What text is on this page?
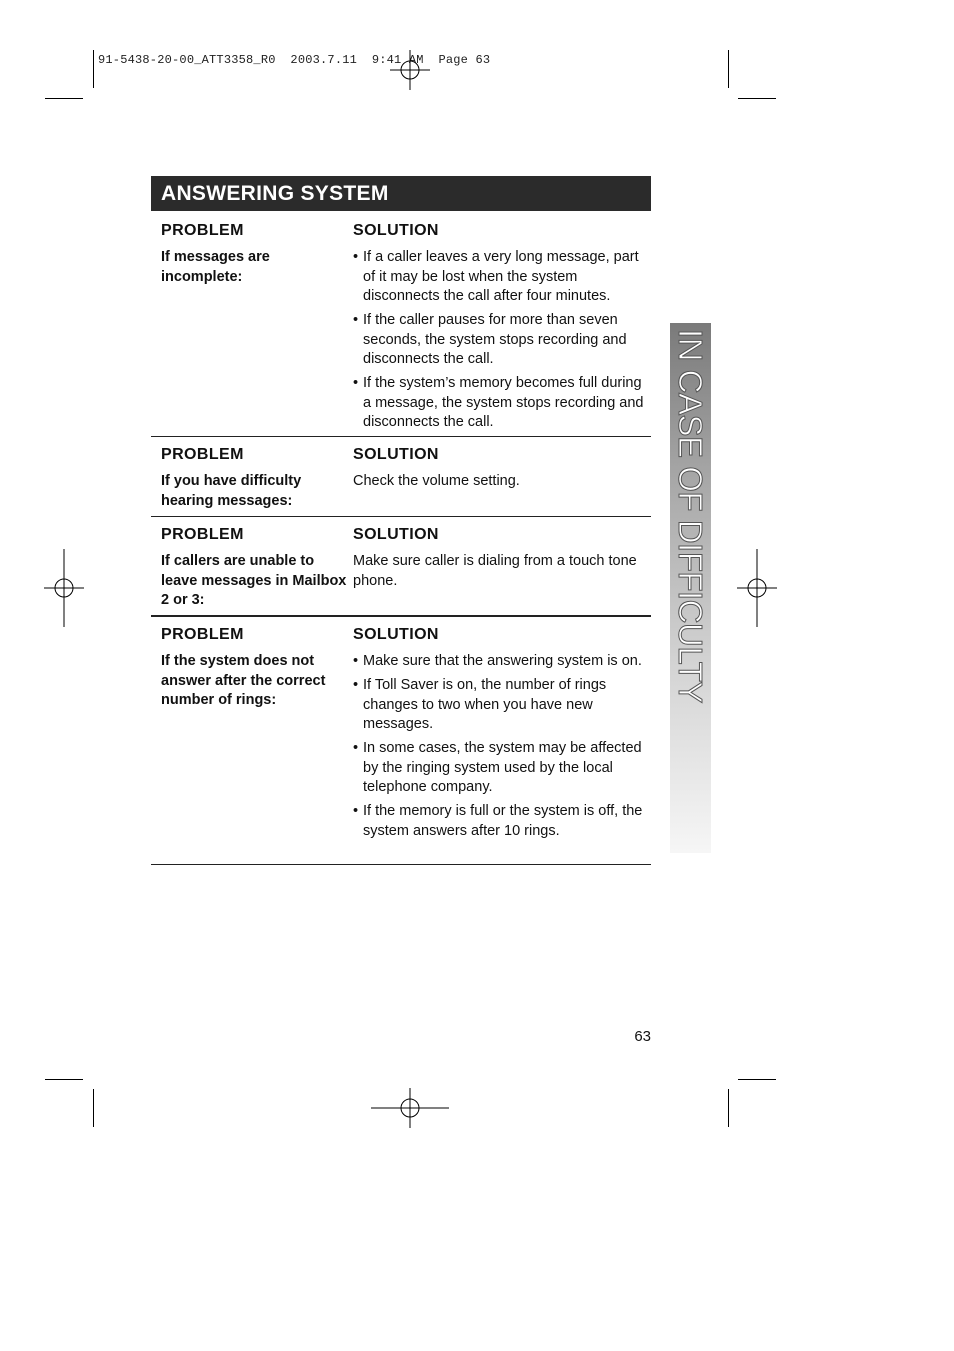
91-5438-20-00_ATT3358_R0  2003.7.11  9:41 AM  Page 63
ANSWERING SYSTEM
PROBLEM	SOLUTION
If messages are incomplete:
• If a caller leaves a very long message, part of it may be lost when the system disconnects the call after four minutes.
• If the caller pauses for more than seven seconds, the system stops recording and disconnects the call.
• If the system’s memory becomes full during a message, the system stops recording and disconnects the call.
PROBLEM	SOLUTION
If you have difficulty hearing messages:
Check the volume setting.
PROBLEM	SOLUTION
If callers are unable to leave messages in Mailbox 2 or 3:
Make sure caller is dialing from a touch tone phone.
PROBLEM	SOLUTION
If the system does not answer after the correct number of rings:
• Make sure that the answering system is on.
• If Toll Saver is on, the number of rings changes to two when you have new messages.
• In some cases, the system may be affected by the ringing system used by the local telephone company.
• If the memory is full or the system is off, the system answers after 10 rings.
IN CASE OF DIFFICULTY
63
